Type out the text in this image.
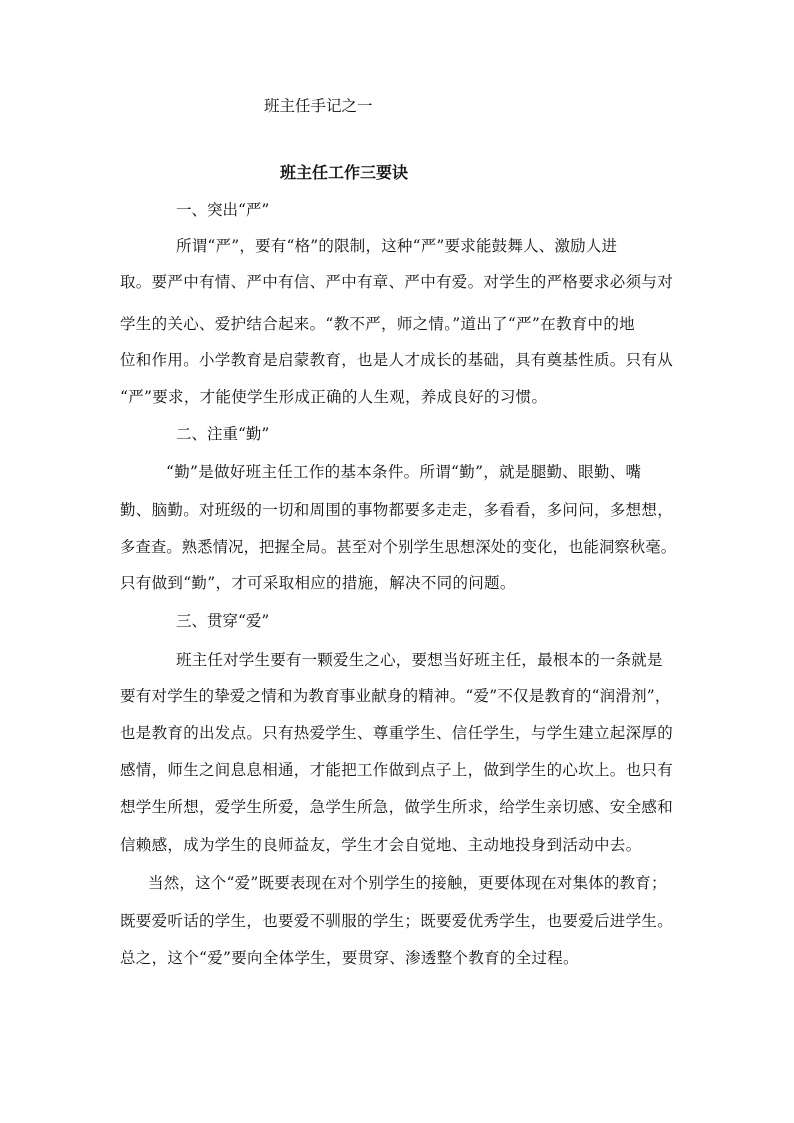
班主任手记之一

班主任工作三要诀

一、突出“严”

所谓“严”，要有“格”的限制，这种“严”要求能鼓舞人、激励人进

取。要严中有情、严中有信、严中有章、严中有爱。对学生的严格要求必须与对

学生的关心、爱护结合起来。“教不严，师之情。”道出了“严”在教育中的地

位和作用。小学教育是启蒙教育，也是人才成长的基础，具有奠基性质。只有从

“严”要求，才能使学生形成正确的人生观，养成良好的习惯。

二、注重“勤”

“勤”是做好班主任工作的基本条件。所谓“勤”，就是腿勤、眼勤、嘴

勤、脑勤。对班级的一切和周围的事物都要多走走，多看看，多问问，多想想，

多查查。熟悉情况，把握全局。甚至对个别学生思想深处的变化，也能洞察秋毫。

只有做到“勤”，才可采取相应的措施，解决不同的问题。

三、贯穿“爱”

班主任对学生要有一颗爱生之心，要想当好班主任，最根本的一条就是

要有对学生的挚爱之情和为教育事业献身的精神。“爱”不仅是教育的“润滑剂”，

也是教育的出发点。只有热爱学生、尊重学生、信任学生，与学生建立起深厚的

感情，师生之间息息相通，才能把工作做到点子上，做到学生的心坎上。也只有

想学生所想，爱学生所爱，急学生所急，做学生所求，给学生亲切感、安全感和

信赖感，成为学生的良师益友，学生才会自觉地、主动地投身到活动中去。

当然，这个“爱”既要表现在对个别学生的接触，更要体现在对集体的教育；

既要爱听话的学生，也要爱不驯服的学生；既要爱优秀学生，也要爱后进学生。

总之，这个“爱”要向全体学生，要贯穿、渗透整个教育的全过程。
